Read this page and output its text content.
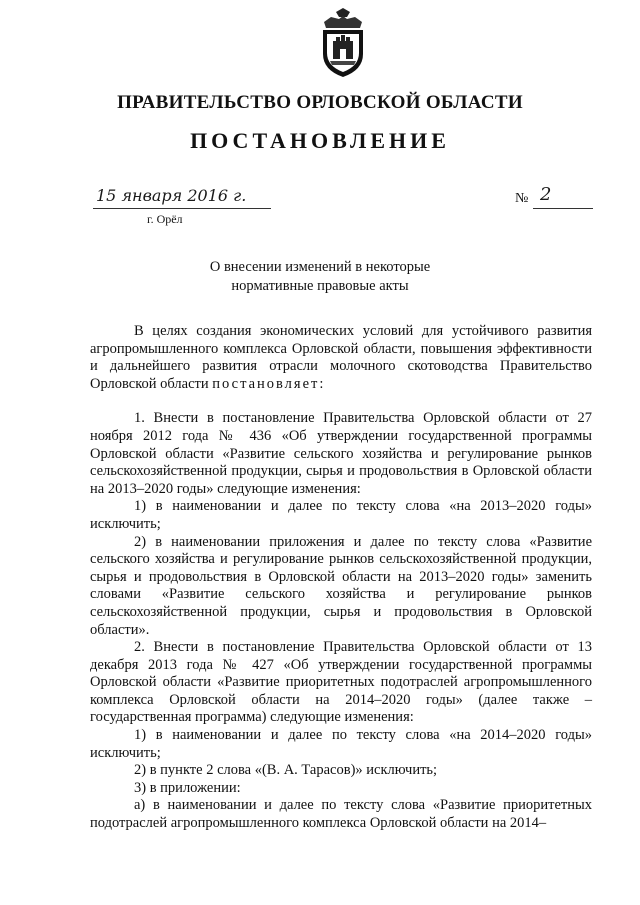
ПРАВИТЕЛЬСТВО ОРЛОВСКОЙ ОБЛАСТИ
ПОСТАНОВЛЕНИЕ
15 января 2016 г.
г. Орёл
№ 2
О внесении изменений в некоторые
нормативные правовые акты

В целях создания экономических условий для устойчивого развития агропромышленного комплекса Орловской области, повышения эффективности и дальнейшего развития отрасли молочного скотоводства Правительство Орловской области постановляет:

1. Внести в постановление Правительства Орловской области от 27 ноября 2012 года № 436 «Об утверждении государственной программы Орловской области «Развитие сельского хозяйства и регулирование рынков сельскохозяйственной продукции, сырья и продовольствия в Орловской области на 2013–2020 годы» следующие изменения:

1) в наименовании и далее по тексту слова «на 2013–2020 годы» исключить;

2) в наименовании приложения и далее по тексту слова «Развитие сельского хозяйства и регулирование рынков сельскохозяйственной продукции, сырья и продовольствия в Орловской области на 2013–2020 годы» заменить словами «Развитие сельского хозяйства и регулирование рынков сельскохозяйственной продукции, сырья и продовольствия в Орловской области».

2. Внести в постановление Правительства Орловской области от 13 декабря 2013 года № 427 «Об утверждении государственной программы Орловской области «Развитие приоритетных подотраслей агропромышленного комплекса Орловской области на 2014–2020 годы» (далее также – государственная программа) следующие изменения:

1) в наименовании и далее по тексту слова «на 2014–2020 годы» исключить;

2) в пункте 2 слова «(В. А. Тарасов)» исключить;

3) в приложении:

а) в наименовании и далее по тексту слова «Развитие приоритетных подотраслей агропромышленного комплекса Орловской области на 2014–
